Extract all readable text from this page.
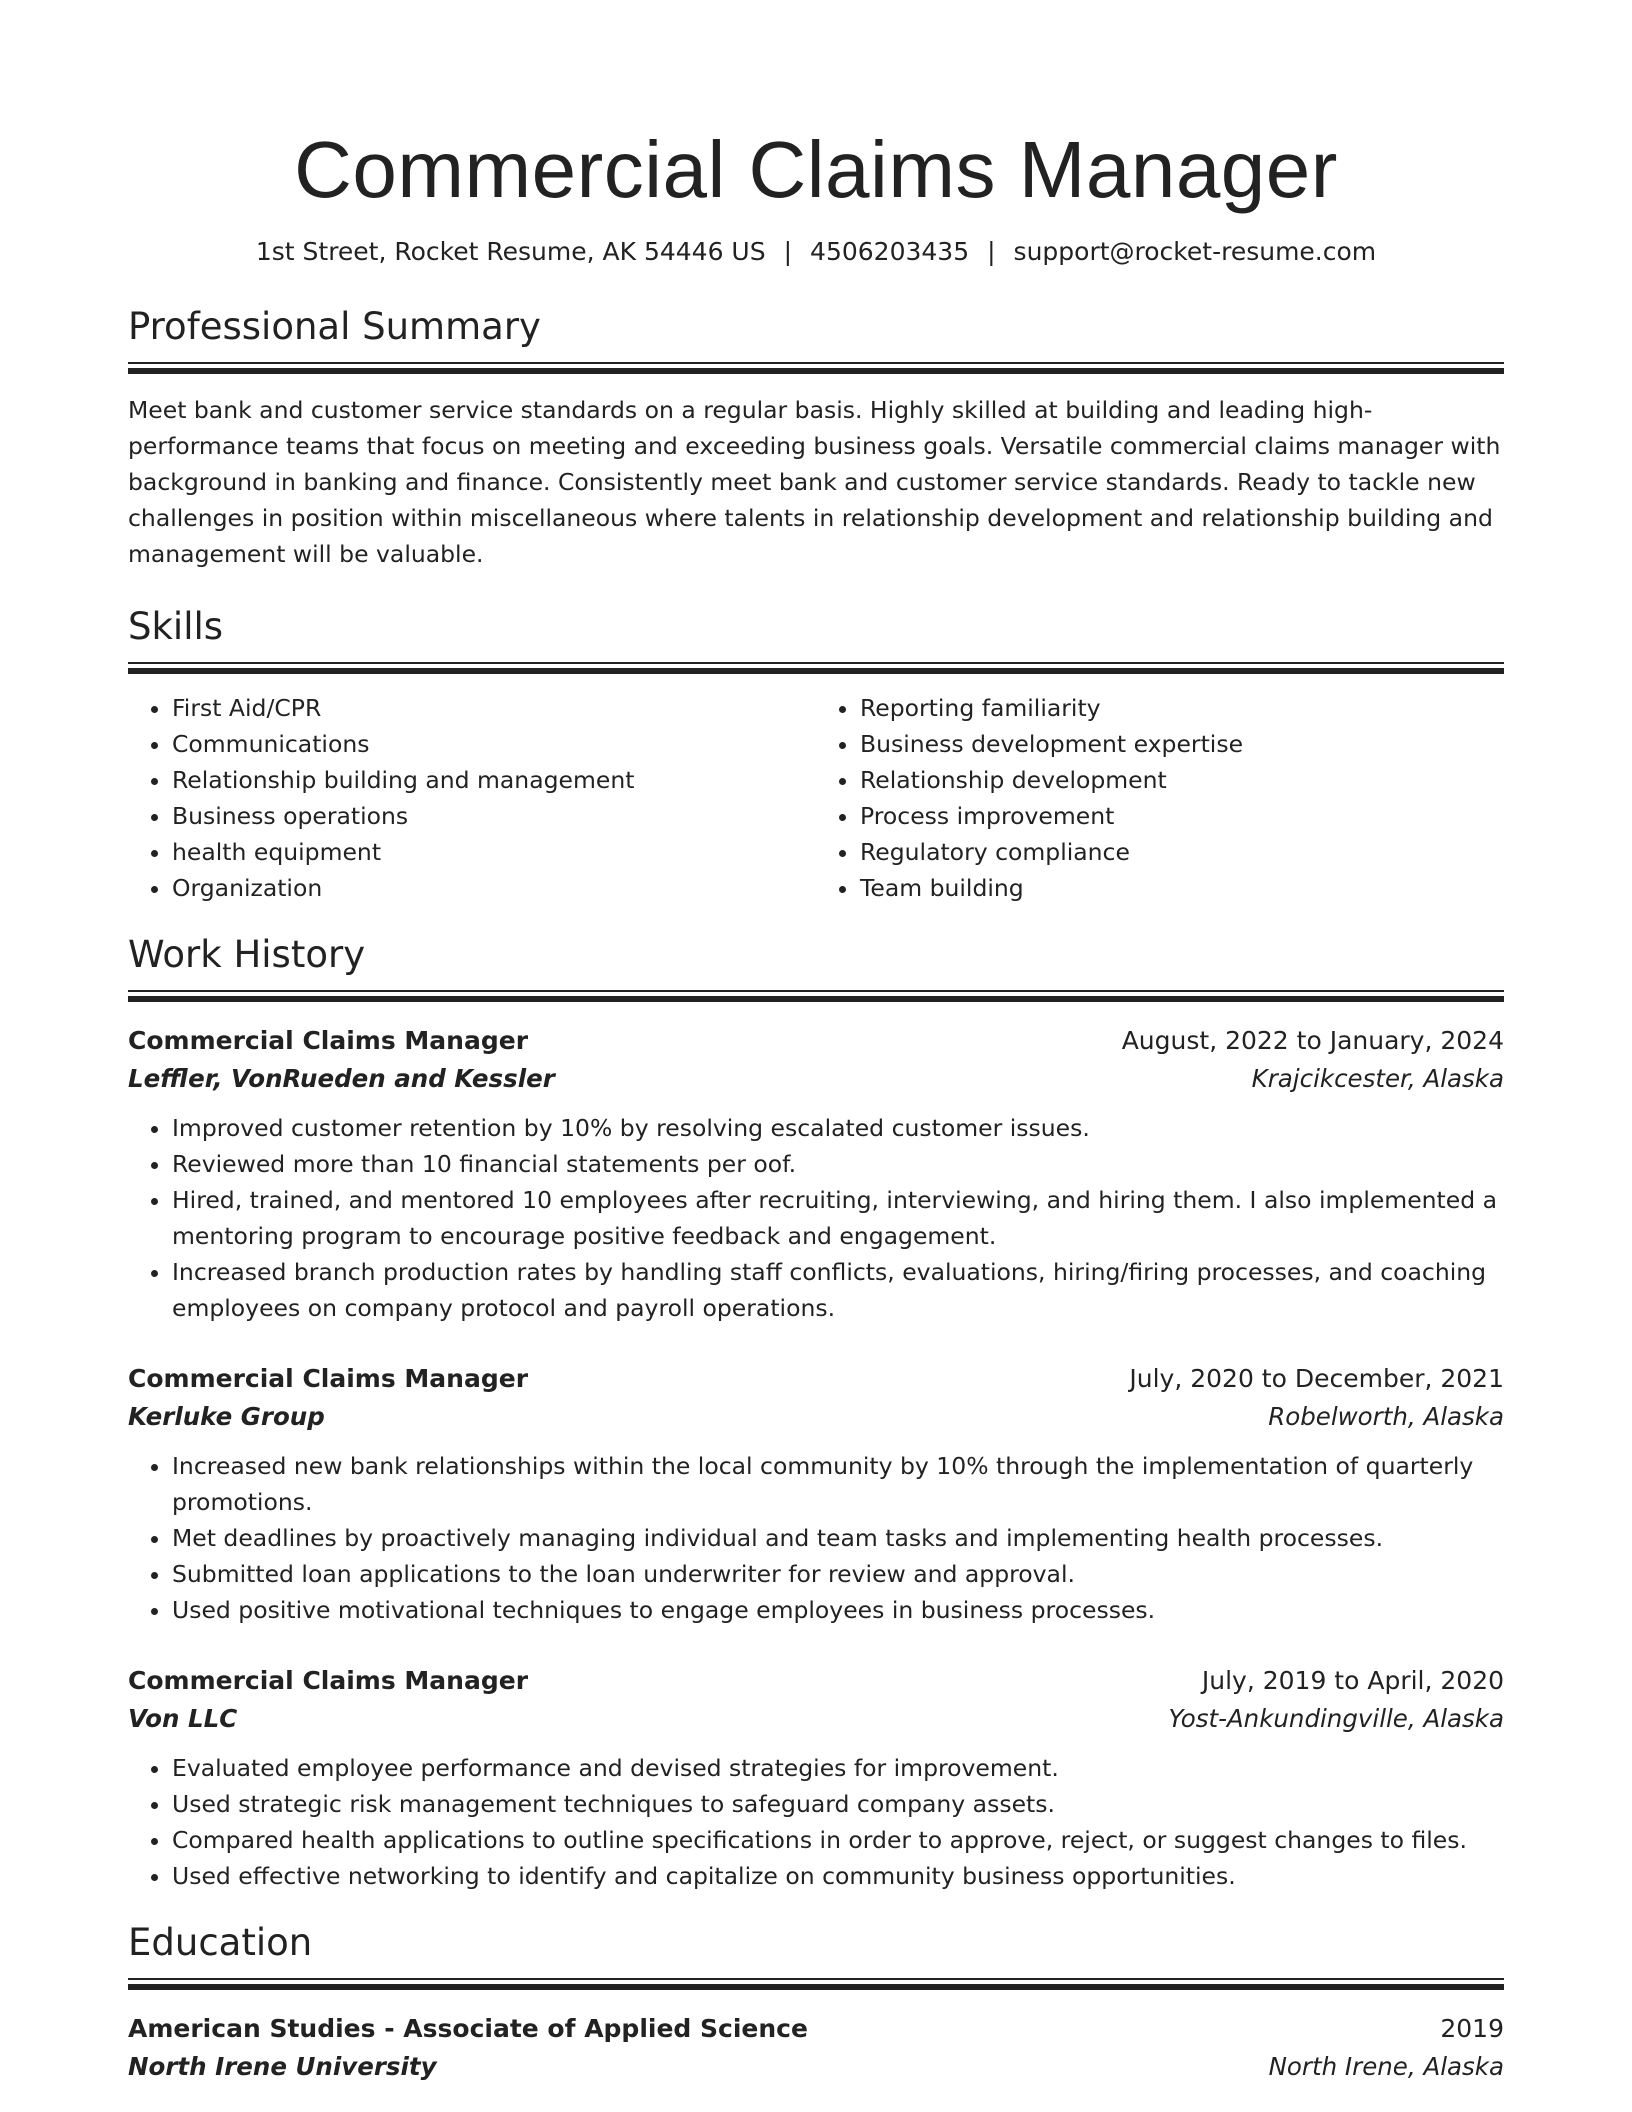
Commercial Claims Manager
1st Street, Rocket Resume, AK 54446 US | 4506203435 | support@rocket-resume.com
Professional Summary
Meet bank and customer service standards on a regular basis. Highly skilled at building and leading high-performance teams that focus on meeting and exceeding business goals. Versatile commercial claims manager with background in banking and finance. Consistently meet bank and customer service standards. Ready to tackle new challenges in position within miscellaneous where talents in relationship development and relationship building and management will be valuable.
Skills
• First Aid/CPR
• Communications
• Relationship building and management
• Business operations
• health equipment
• Organization
• Reporting familiarity
• Business development expertise
• Relationship development
• Process improvement
• Regulatory compliance
• Team building
Work History
Commercial Claims Manager	August, 2022 to January, 2024
Leffler, VonRueden and Kessler	Krajcikcester, Alaska
• Improved customer retention by 10% by resolving escalated customer issues.
• Reviewed more than 10 financial statements per oof.
• Hired, trained, and mentored 10 employees after recruiting, interviewing, and hiring them. I also implemented a mentoring program to encourage positive feedback and engagement.
• Increased branch production rates by handling staff conflicts, evaluations, hiring/firing processes, and coaching employees on company protocol and payroll operations.
Commercial Claims Manager	July, 2020 to December, 2021
Kerluke Group	Robelworth, Alaska
• Increased new bank relationships within the local community by 10% through the implementation of quarterly promotions.
• Met deadlines by proactively managing individual and team tasks and implementing health processes.
• Submitted loan applications to the loan underwriter for review and approval.
• Used positive motivational techniques to engage employees in business processes.
Commercial Claims Manager	July, 2019 to April, 2020
Von LLC	Yost-Ankundingville, Alaska
• Evaluated employee performance and devised strategies for improvement.
• Used strategic risk management techniques to safeguard company assets.
• Compared health applications to outline specifications in order to approve, reject, or suggest changes to files.
• Used effective networking to identify and capitalize on community business opportunities.
Education
American Studies - Associate of Applied Science	2019
North Irene University	North Irene, Alaska
